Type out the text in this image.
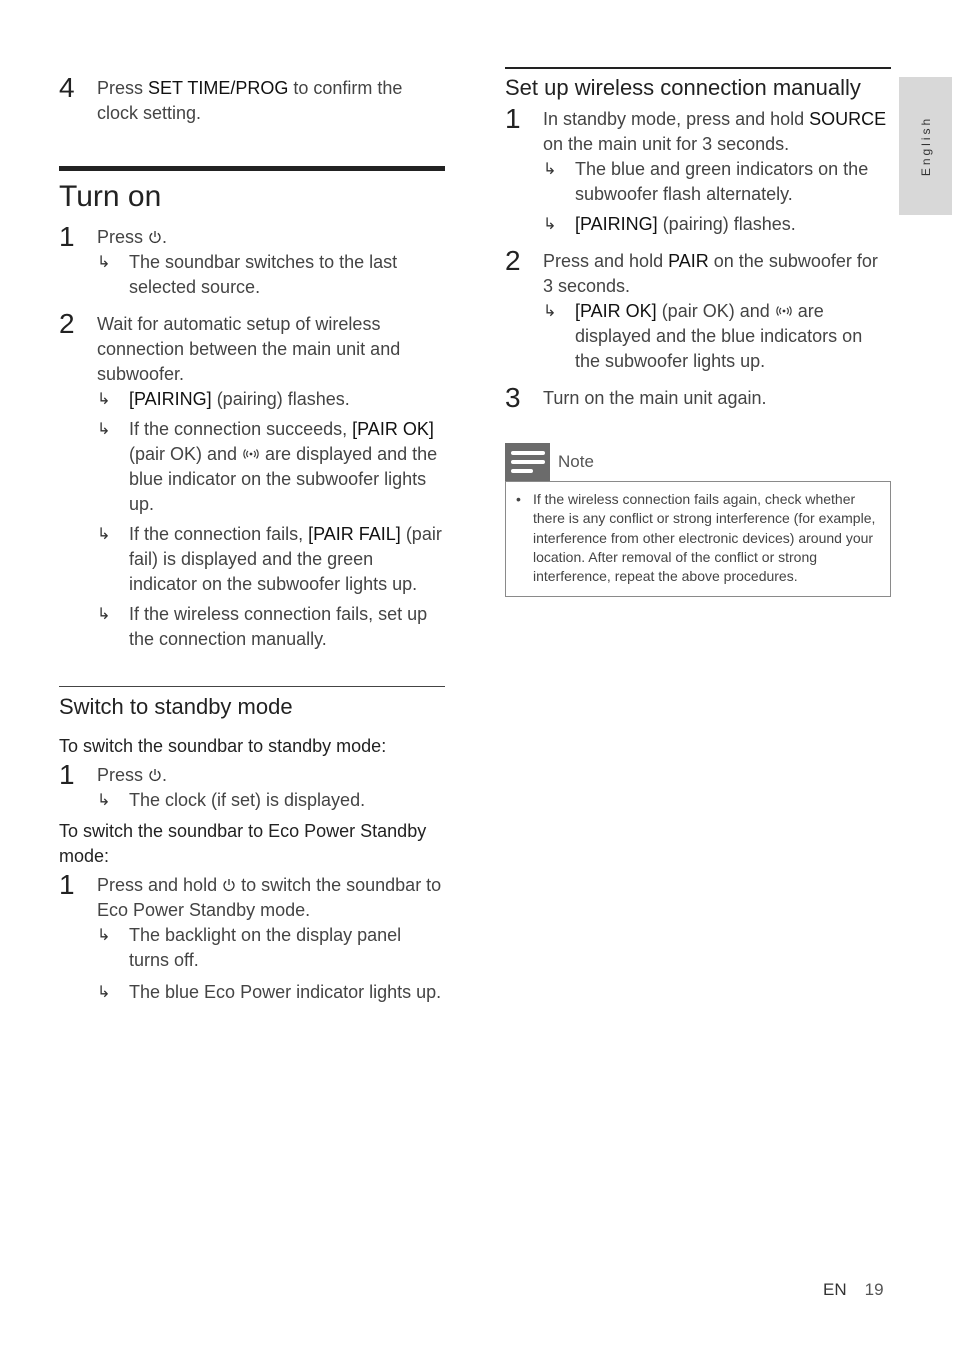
4 Press SET TIME/PROG to confirm the clock setting.
Turn on
1 Press .
↳ The soundbar switches to the last selected source.
2 Wait for automatic setup of wireless connection between the main unit and subwoofer.
↳ [PAIRING] (pairing) flashes.
↳ If the connection succeeds, [PAIR OK] (pair OK) and  are displayed and the blue indicator on the subwoofer lights up.
↳ If the connection fails, [PAIR FAIL] (pair fail) is displayed and the green indicator on the subwoofer lights up.
↳ If the wireless connection fails, set up the connection manually.
Switch to standby mode
To switch the soundbar to standby mode:
1 Press .
↳ The clock (if set) is displayed.
To switch the soundbar to Eco Power Standby mode:
1 Press and hold  to switch the soundbar to Eco Power Standby mode.
↳ The backlight on the display panel turns off.
↳ The blue Eco Power indicator lights up.
Set up wireless connection manually
1 In standby mode, press and hold SOURCE on the main unit for 3 seconds.
↳ The blue and green indicators on the subwoofer flash alternately.
↳ [PAIRING] (pairing) flashes.
2 Press and hold PAIR on the subwoofer for 3 seconds.
↳ [PAIR OK] (pair OK) and  are displayed and the blue indicators on the subwoofer lights up.
3 Turn on the main unit again.
Note
• If the wireless connection fails again, check whether there is any conflict or strong interference (for example, interference from other electronic devices) around your location. After removal of the conflict or strong interference, repeat the above procedures.
English
EN 19
